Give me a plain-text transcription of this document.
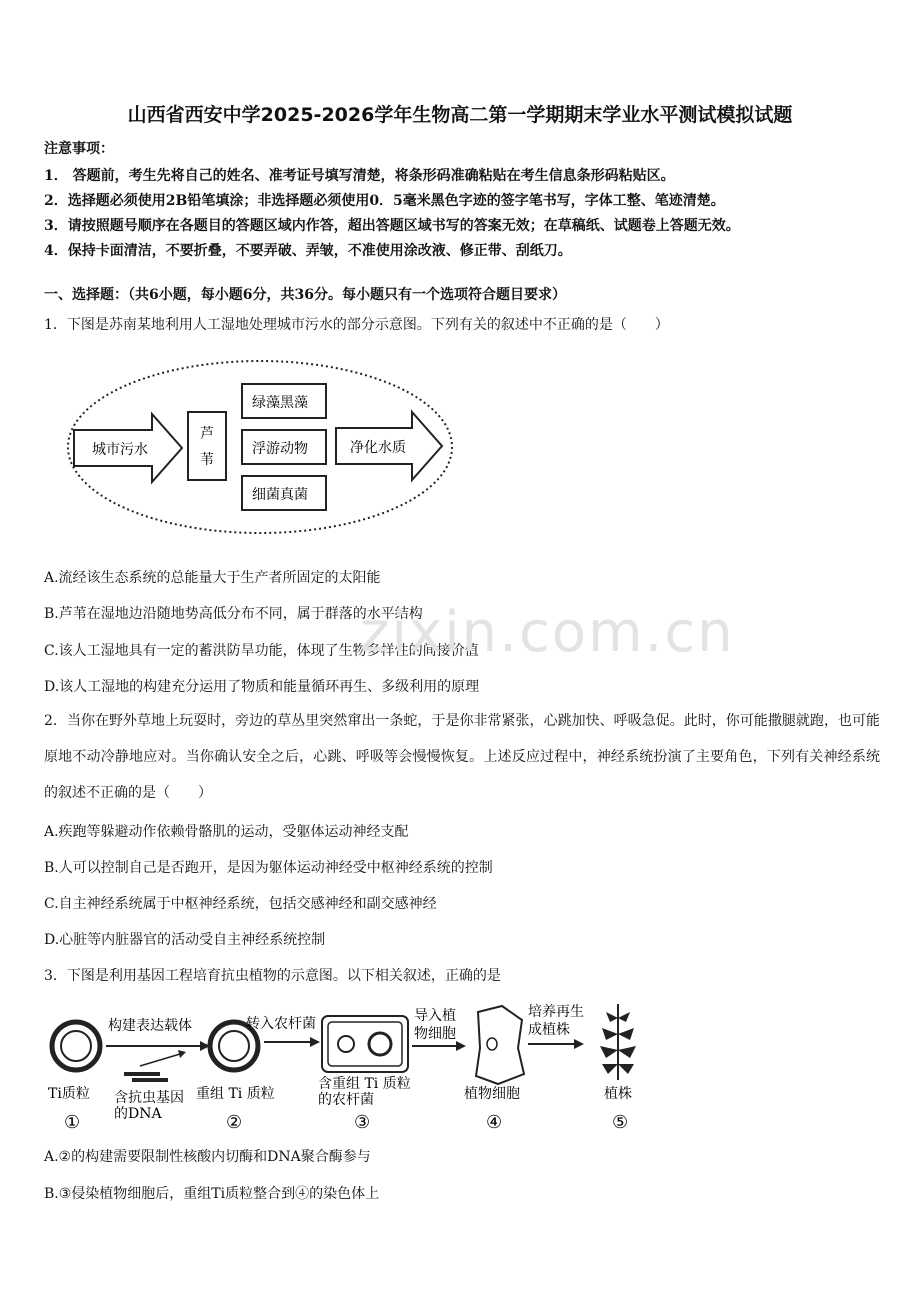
山西省西安中学2025-2026学年生物高二第一学期期末学业水平测试模拟试题
注意事项：
1． 答题前，考生先将自己的姓名、准考证号填写清楚，将条形码准确粘贴在考生信息条形码粘贴区。
2．选择题必须使用2B铅笔填涂；非选择题必须使用0．5毫米黑色字迹的签字笔书写，字体工整、笔迹清楚。
3．请按照题号顺序在各题目的答题区域内作答，超出答题区域书写的答案无效；在草稿纸、试题卷上答题无效。
4．保持卡面清洁，不要折叠，不要弄破、弄皱，不准使用涂改液、修正带、刮纸刀。
一、选择题：（共6小题，每小题6分，共36分。每小题只有一个选项符合题目要求）
1．下图是苏南某地利用人工湿地处理城市污水的部分示意图。下列有关的叙述中不正确的是（　　）
城市污水
芦
苇
绿藻黑藻
浮游动物
细菌真菌
净化水质
A.流经该生态系统的总能量大于生产者所固定的太阳能
B.芦苇在湿地边沿随地势高低分布不同，属于群落的水平结构
C.该人工湿地具有一定的蓄洪防旱功能，体现了生物多样性的间接价值
D.该人工湿地的构建充分运用了物质和能量循环再生、多级利用的原理
zixin.com.cn
2．当你在野外草地上玩耍时，旁边的草丛里突然窜出一条蛇，于是你非常紧张，心跳加快、呼吸急促。此时，你可能撒腿就跑，也可能原地不动冷静地应对。当你确认安全之后，心跳、呼吸等会慢慢恢复。上述反应过程中，神经系统扮演了主要角色，下列有关神经系统的叙述不正确的是（　　）
A.疾跑等躲避动作依赖骨骼肌的运动，受躯体运动神经支配
B.人可以控制自己是否跑开，是因为躯体运动神经受中枢神经系统的控制
C.自主神经系统属于中枢神经系统，包括交感神经和副交感神经
D.心脏等内脏器官的活动受自主神经系统控制
3．下图是利用基因工程培育抗虫植物的示意图。以下相关叙述，正确的是
构建表达载体	转入农杆菌	导入植
物细胞
培养再生
成植株
Ti质粒 含抗虫基因
的DNA
重组 Ti 质粒
含重组 Ti 质粒
的农杆菌	植物细胞	植株
①	②	③	④	⑤
A.②的构建需要限制性核酸内切酶和DNA聚合酶参与
B.③侵染植物细胞后，重组Ti质粒整合到④的染色体上
